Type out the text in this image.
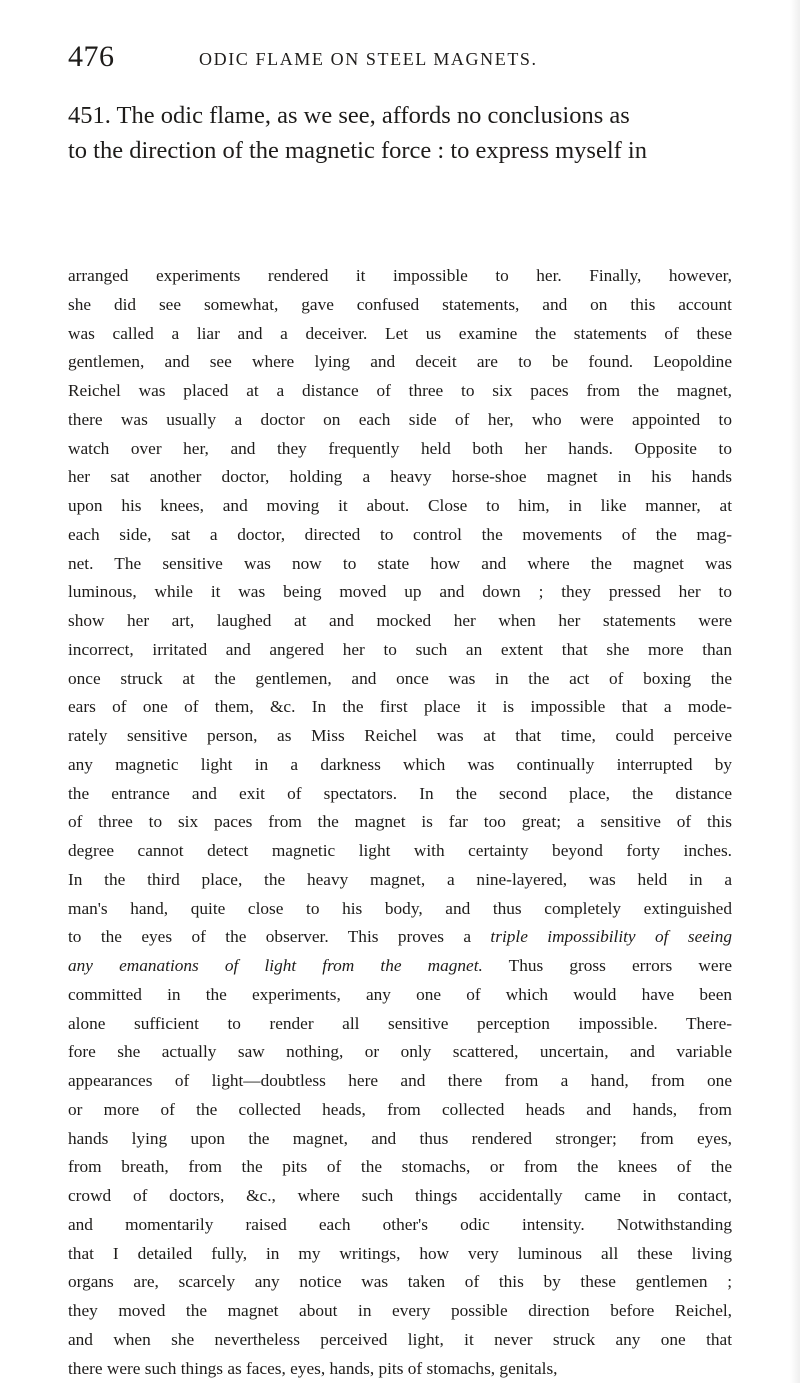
476	ODIC FLAME ON STEEL MAGNETS.
451. The odic flame, as we see, affords no conclusions as
to the direction of the magnetic force : to express myself in
arranged experiments rendered it impossible to her. Finally, however,
she did see somewhat, gave confused statements, and on this account
was called a liar and a deceiver. Let us examine the statements of these
gentlemen, and see where lying and deceit are to be found. Leopoldine
Reichel was placed at a distance of three to six paces from the magnet,
there was usually a doctor on each side of her, who were appointed to
watch over her, and they frequently held both her hands. Opposite to
her sat another doctor, holding a heavy horse-shoe magnet in his hands
upon his knees, and moving it about. Close to him, in like manner, at
each side, sat a doctor, directed to control the movements of the mag-
net. The sensitive was now to state how and where the magnet was
luminous, while it was being moved up and down ; they pressed her to
show her art, laughed at and mocked her when her statements were
incorrect, irritated and angered her to such an extent that she more than
once struck at the gentlemen, and once was in the act of boxing the
ears of one of them, &c. In the first place it is impossible that a mode-
rately sensitive person, as Miss Reichel was at that time, could perceive
any magnetic light in a darkness which was continually interrupted by
the entrance and exit of spectators. In the second place, the distance
of three to six paces from the magnet is far too great; a sensitive of this
degree cannot detect magnetic light with certainty beyond forty inches.
In the third place, the heavy magnet, a nine-layered, was held in a
man's hand, quite close to his body, and thus completely extinguished
to the eyes of the observer. This proves a triple impossibility of seeing
any emanations of light from the magnet. Thus gross errors were
committed in the experiments, any one of which would have been
alone sufficient to render all sensitive perception impossible. There-
fore she actually saw nothing, or only scattered, uncertain, and variable
appearances of light—doubtless here and there from a hand, from one
or more of the collected heads, from collected heads and hands, from
hands lying upon the magnet, and thus rendered stronger; from eyes,
from breath, from the pits of the stomachs, or from the knees of the
crowd of doctors, &c., where such things accidentally came in contact,
and momentarily raised each other's odic intensity. Notwithstanding
that I detailed fully, in my writings, how very luminous all these living
organs are, scarcely any notice was taken of this by these gentlemen ;
they moved the magnet about in every possible direction before Reichel,
and when she nevertheless perceived light, it never struck any one that
there were such things as faces, eyes, hands, pits of stomachs, genitals,
